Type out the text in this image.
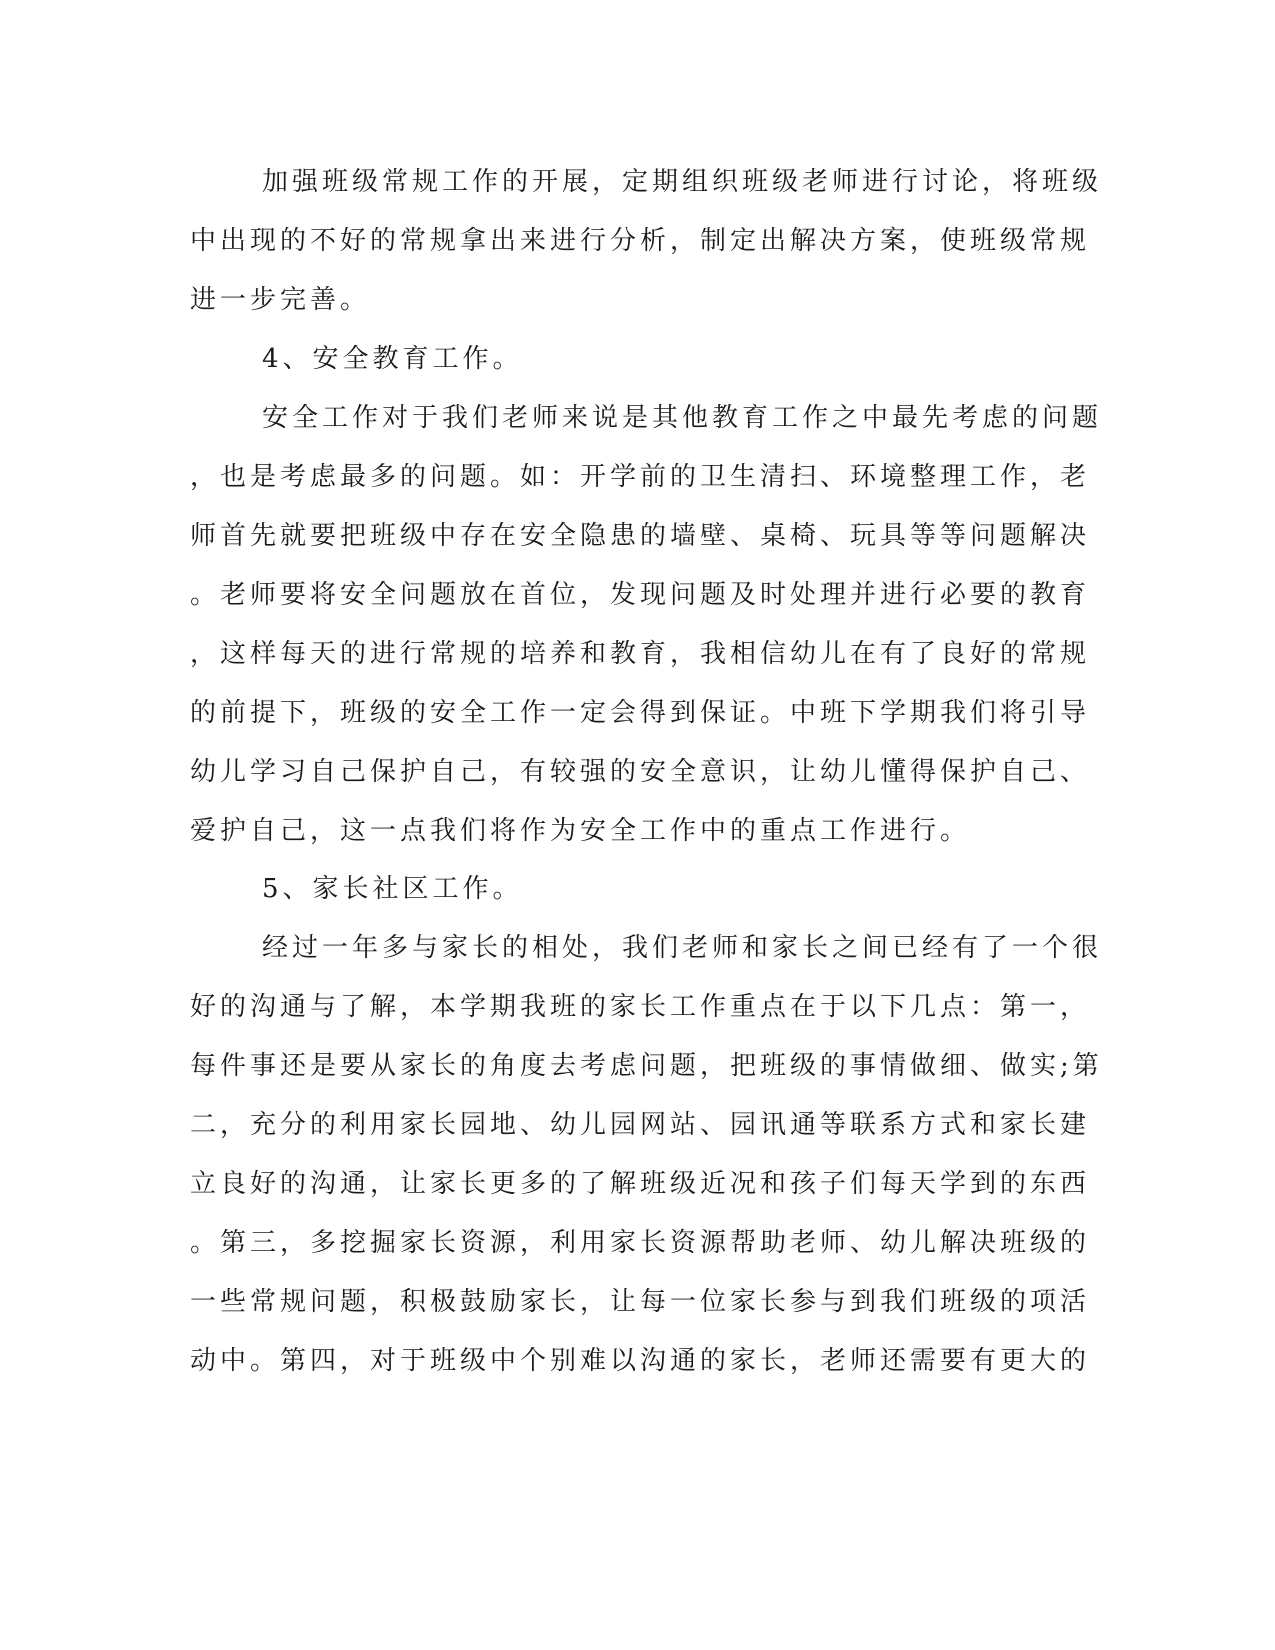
加强班级常规工作的开展，定期组织班级老师进行讨论，将班级
中出现的不好的常规拿出来进行分析，制定出解决方案，使班级常规
进一步完善。
4、安全教育工作。
安全工作对于我们老师来说是其他教育工作之中最先考虑的问题
，也是考虑最多的问题。如：开学前的卫生清扫、环境整理工作，老
师首先就要把班级中存在安全隐患的墙壁、桌椅、玩具等等问题解决
。老师要将安全问题放在首位，发现问题及时处理并进行必要的教育
，这样每天的进行常规的培养和教育，我相信幼儿在有了良好的常规
的前提下，班级的安全工作一定会得到保证。中班下学期我们将引导
幼儿学习自己保护自己，有较强的安全意识，让幼儿懂得保护自己、
爱护自己，这一点我们将作为安全工作中的重点工作进行。
5、家长社区工作。
经过一年多与家长的相处，我们老师和家长之间已经有了一个很
好的沟通与了解，本学期我班的家长工作重点在于以下几点：第一，
每件事还是要从家长的角度去考虑问题，把班级的事情做细、做实;第
二，充分的利用家长园地、幼儿园网站、园讯通等联系方式和家长建
立良好的沟通，让家长更多的了解班级近况和孩子们每天学到的东西
。第三，多挖掘家长资源，利用家长资源帮助老师、幼儿解决班级的
一些常规问题，积极鼓励家长，让每一位家长参与到我们班级的项活
动中。第四，对于班级中个别难以沟通的家长，老师还需要有更大的
